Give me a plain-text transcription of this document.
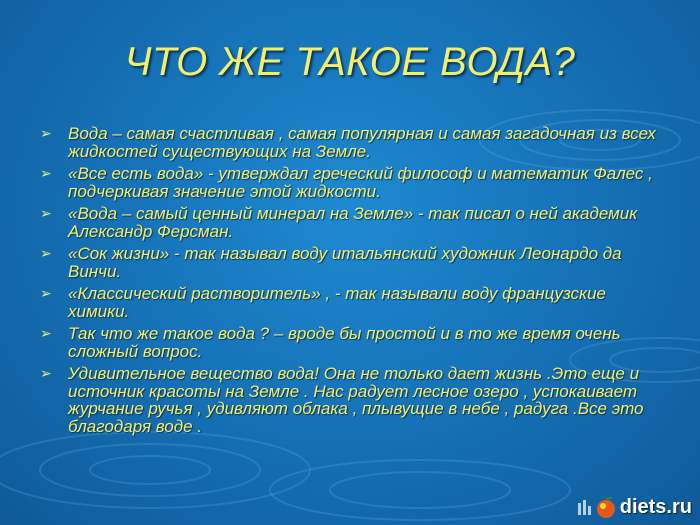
ЧТО ЖЕ ТАКОЕ ВОДА?
➢ Вода – самая счастливая , самая популярная и самая загадочная из всех жидкостей существующих на Земле.
➢ «Все есть вода» - утверждал греческий философ и математик Фалес , подчеркивая значение этой жидкости.
➢ «Вода – самый ценный минерал на Земле» - так писал о ней академик Александр Ферсман.
➢ «Сок жизни» - так называл воду итальянский художник Леонардо да Винчи.
➢ «Классический растворитель» , - так называли воду французские химики.
➢ Так что же такое вода ? – вроде бы простой и в то же время очень сложный вопрос.
➢ Удивительное вещество вода! Она не только дает жизнь .Это еще и источник красоты на Земле . Нас радует лесное озеро , успокаивает журчание ручья , удивляют облака , плывущие в небе , радуга .Все это благодаря воде .
diets.ru
